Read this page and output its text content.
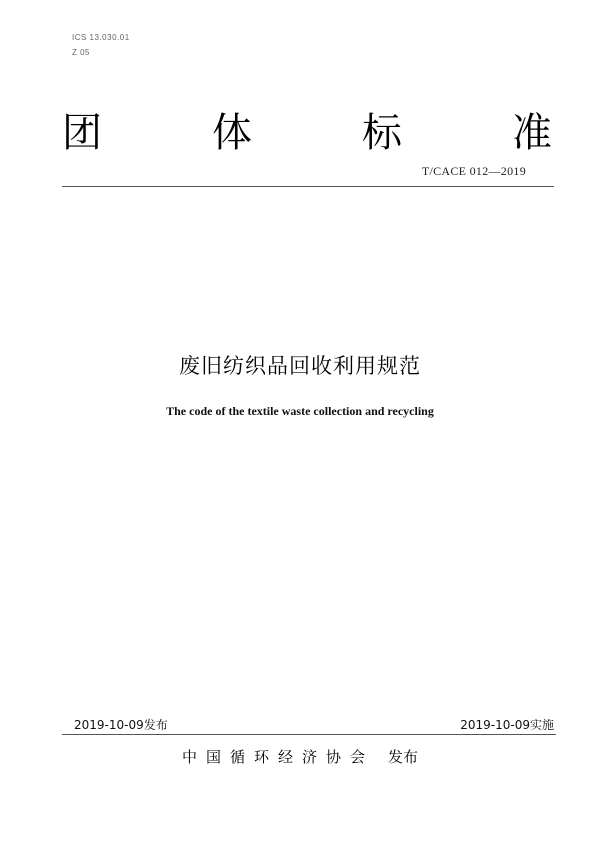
ICS 13.030.01
Z 05
团	体	标	准
T/CACE 012—2019
废旧纺织品回收利用规范
The code of the textile waste collection and recycling
2019-10-09发布	2019-10-09实施
中国循环经济协会 发布
